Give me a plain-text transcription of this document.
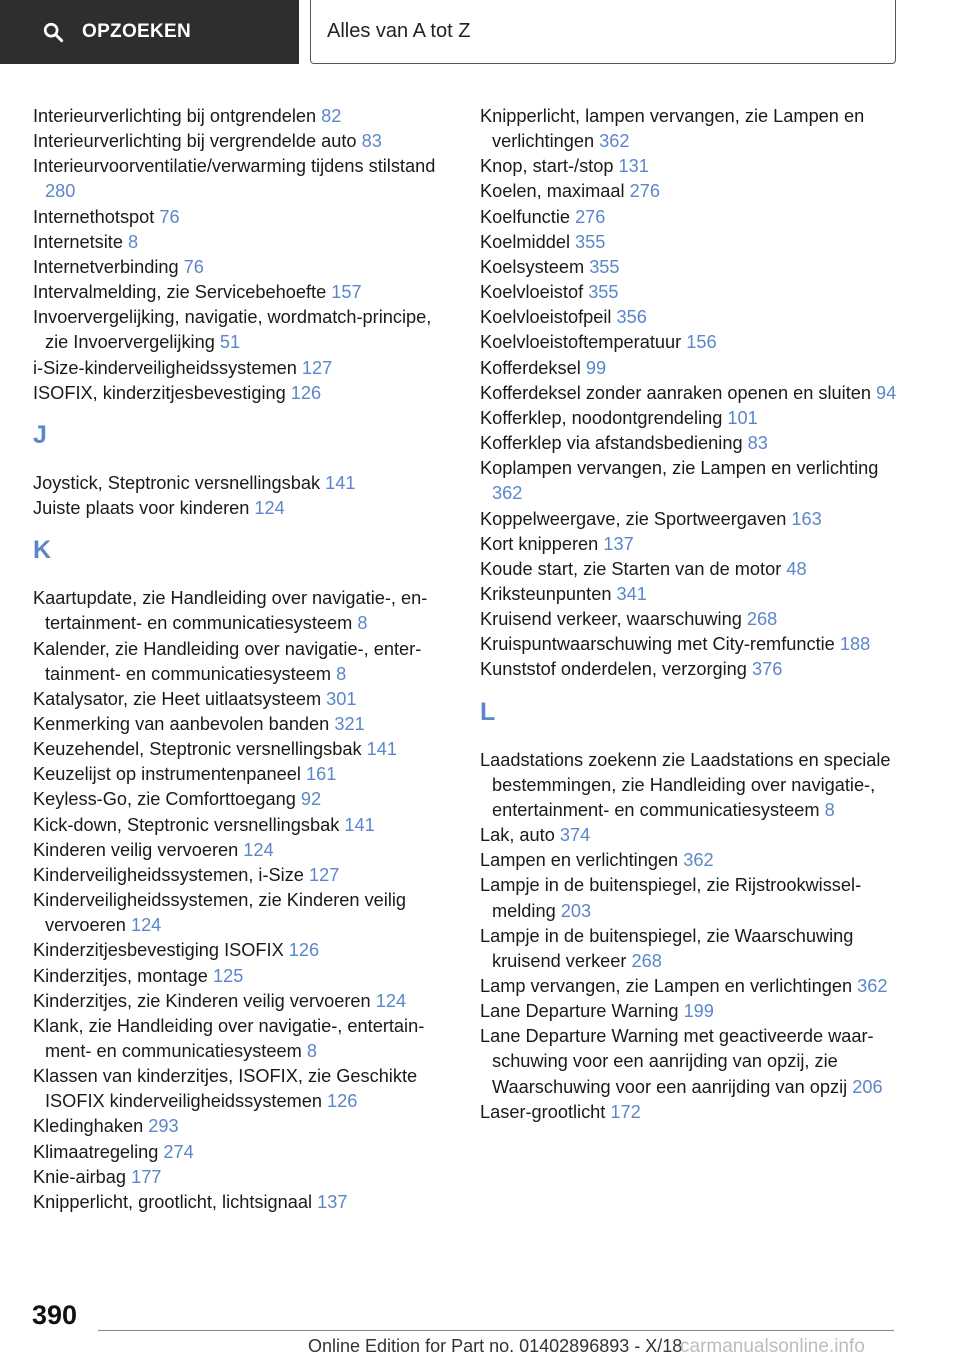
OPZOEKEN	Alles van A tot Z
Interieurverlichting bij ontgrendelen 82
Interieurverlichting bij vergrendelde auto 83
Interieurvoorventilatie/verwarming tijdens stilstand 280
Internethotspot 76
Internetsite 8
Internetverbinding 76
Intervalmelding, zie Servicebehoefte 157
Invoervergelijking, navigatie, wordmatch-principe, zie Invoervergelijking 51
i-Size-kinderveiligheidssystemen 127
ISOFIX, kinderzitjesbevestiging 126
J
Joystick, Steptronic versnellingsbak 141
Juiste plaats voor kinderen 124
K
Kaartupdate, zie Handleiding over navigatie-, entertainment- en communicatiesysteem 8
Kalender, zie Handleiding over navigatie-, entertainment- en communicatiesysteem 8
Katalysator, zie Heet uitlaatsysteem 301
Kenmerking van aanbevolen banden 321
Keuzehendel, Steptronic versnellingsbak 141
Keuzelijst op instrumentenpaneel 161
Keyless-Go, zie Comforttoegang 92
Kick-down, Steptronic versnellingsbak 141
Kinderen veilig vervoeren 124
Kinderveiligheidssystemen, i-Size 127
Kinderveiligheidssystemen, zie Kinderen veilig vervoeren 124
Kinderzitjesbevestiging ISOFIX 126
Kinderzitjes, montage 125
Kinderzitjes, zie Kinderen veilig vervoeren 124
Klank, zie Handleiding over navigatie-, entertainment- en communicatiesysteem 8
Klassen van kinderzitjes, ISOFIX, zie Geschikte ISOFIX kinderveiligheidssystemen 126
Kledinghaken 293
Klimaatregeling 274
Knie-airbag 177
Knipperlicht, grootlicht, lichtsignaal 137
Knipperlicht, lampen vervangen, zie Lampen en verlichtingen 362
Knop, start-/stop 131
Koelen, maximaal 276
Koelfunctie 276
Koelmiddel 355
Koelsysteem 355
Koelvloeistof 355
Koelvloeistofpeil 356
Koelvloeistoftemperatuur 156
Kofferdeksel 99
Kofferdeksel zonder aanraken openen en sluiten 94
Kofferklep, noodontgrendeling 101
Kofferklep via afstandsbediening 83
Koplampen vervangen, zie Lampen en verlichting 362
Koppelweergave, zie Sportweergaven 163
Kort knipperen 137
Koude start, zie Starten van de motor 48
Kriksteunpunten 341
Kruisend verkeer, waarschuwing 268
Kruispuntwaarschuwing met City-remfunctie 188
Kunststof onderdelen, verzorging 376
L
Laadstations zoekenn zie Laadstations en speciale bestemmingen, zie Handleiding over navigatie-, entertainment- en communicatiesysteem 8
Lak, auto 374
Lampen en verlichtingen 362
Lampje in de buitenspiegel, zie Rijstrookwisselmelding 203
Lampje in de buitenspiegel, zie Waarschuwing kruisend verkeer 268
Lamp vervangen, zie Lampen en verlichtingen 362
Lane Departure Warning 199
Lane Departure Warning met geactiveerde waarschuwing voor een aanrijding van opzij, zie Waarschuwing voor een aanrijding van opzij 206
Laser-grootlicht 172
390
Online Edition for Part no. 01402896893 - X/18
carmanualsonline.info
